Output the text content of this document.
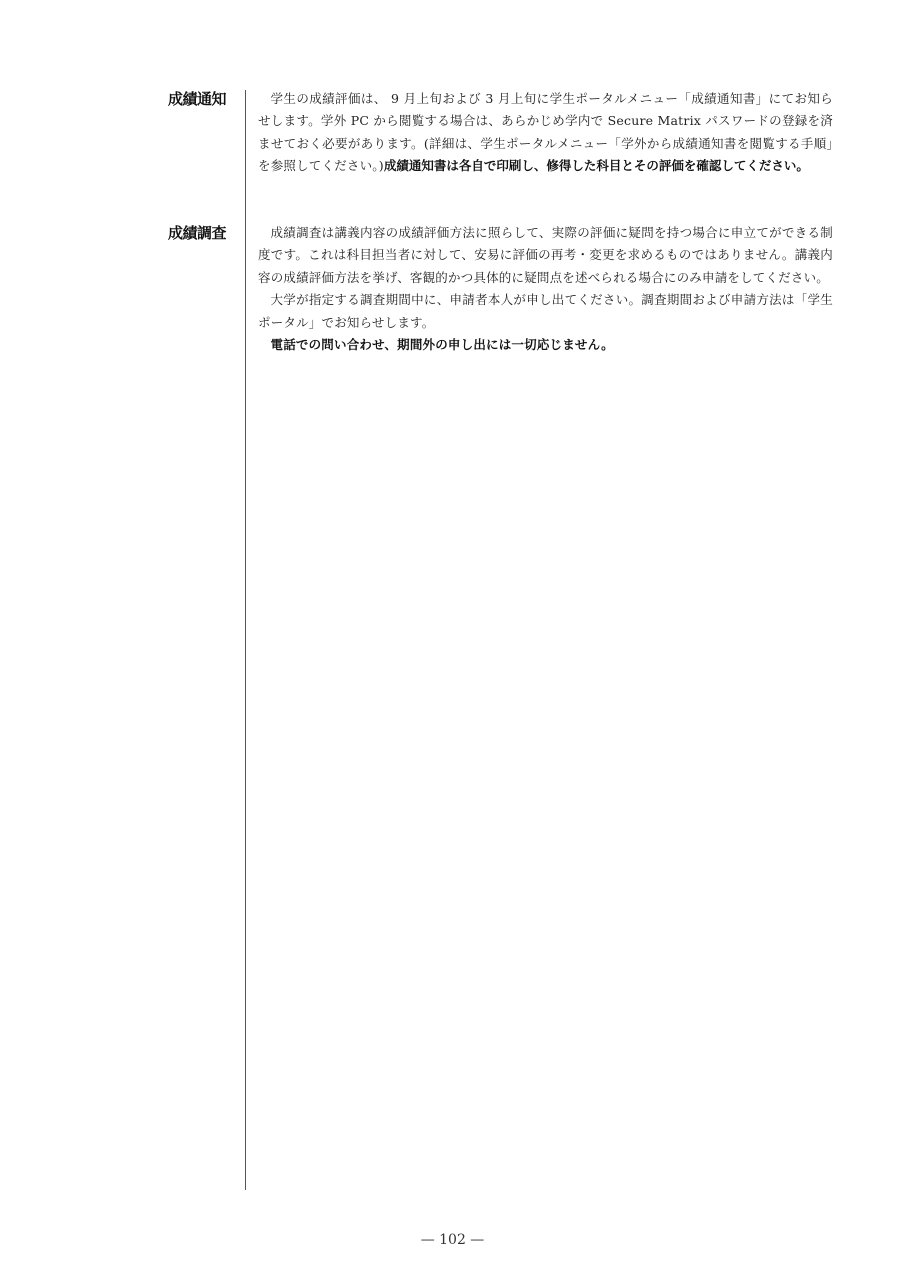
成績通知	学生の成績評価は、 9 月上旬および 3 月上旬に学生ポータルメニュー「成績通知書」にてお知らせします。学外 PC から閲覧する場合は、あらかじめ学内で Secure Matrix パスワードの登録を済ませておく必要があります。(詳細は、学生ポータルメニュー「学外から成績通知書を閲覧する手順」を参照してください。)成績通知書は各自で印刷し、修得した科目とその評価を確認してください。

成績調査	成績調査は講義内容の成績評価方法に照らして、実際の評価に疑問を持つ場合に申立てができる制度です。これは科目担当者に対して、安易に評価の再考・変更を求めるものではありません。講義内容の成績評価方法を挙げ、客観的かつ具体的に疑問点を述べられる場合にのみ申請をしてください。

大学が指定する調査期間中に、申請者本人が申し出てください。調査期間および申請方法は「学生ポータル」でお知らせします。

電話での問い合わせ、期間外の申し出には一切応じません。

— 102 —
